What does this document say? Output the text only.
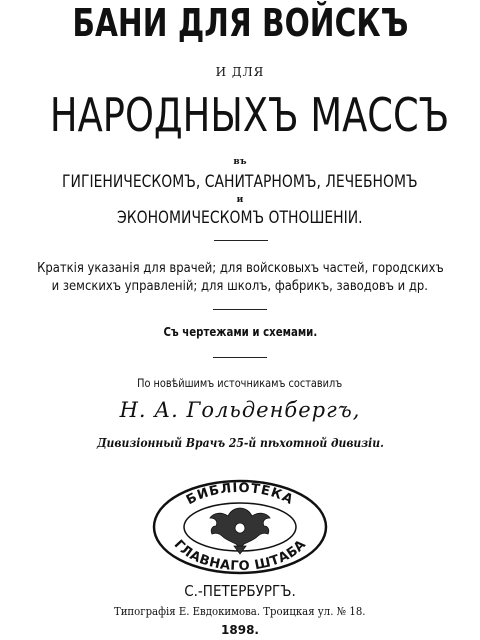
БАНИ ДЛЯ ВОЙСКЪ
И ДЛЯ
НАРОДНЫХЪ МАССЪ
въ
ГИГIЕНИЧЕСКОМЪ, САНИТАРНОМЪ, ЛЕЧЕБНОМЪ
и
ЭКОНОМИЧЕСКОМЪ ОТНОШЕНIИ.
Краткiя указанiя для врачей; для войсковыхъ частей, городскихъ
и земскихъ управленiй; для школъ, фабрикъ, заводовъ и др.
Съ чертежами и схемами.
По новѣйшимъ источникамъ составилъ
Н. А. Гольденбергъ,
Дивизiонный Врачъ 25-й пѣхотной дивизiи.
БИБЛIОТЕКА
ГЛАВНАГО ШТАБА
С.-ПЕТЕРБУРГЪ.
Типографiя Е. Евдокимова. Троицкая ул. № 18.
1898.
